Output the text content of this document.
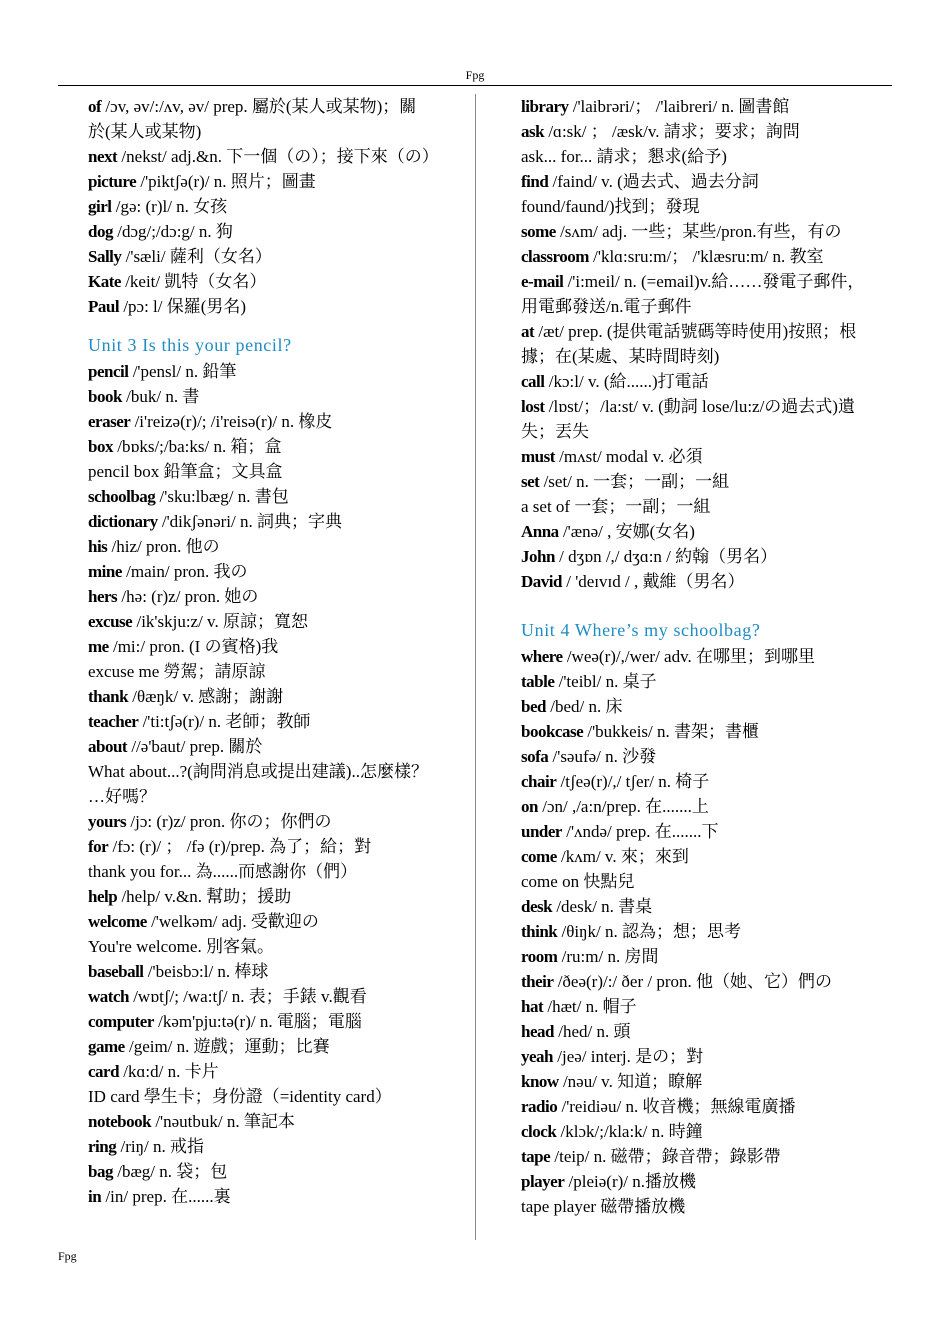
Fpg
of /ɔv, əv/:/ʌv, əv/ prep. 屬於(某人或某物)；關
於(某人或某物)
next /nekst/ adj.&n. 下一個（の）；接下來（の）
picture /'piktʃə(r)/ n. 照片；圖畫
girl /gə: (r)l/ n. 女孩
dog /dɔg/;/dɔ:g/ n. 狗
Sally /'sæli/ 薩利（女名）
Kate /keit/ 凱特（女名）
Paul /pɔ: l/ 保羅(男名)
Unit 3 Is this your pencil?
pencil /'pensl/ n. 鉛筆
book /buk/ n. 書
eraser /i'reizə(r)/; /i'reisə(r)/ n. 橡皮
box /bɒks/;/ba:ks/ n. 箱；盒
pencil box 鉛筆盒；文具盒
schoolbag /'sku:lbæg/ n. 書包
dictionary /'dikʃənəri/ n. 詞典；字典
his /hiz/ pron. 他の
mine /main/ pron. 我の
hers /hə: (r)z/ pron. 她の
excuse /ik'skju:z/ v. 原諒；寬恕
me /mi:/ pron. (I の賓格)我
excuse me 勞駕；請原諒
thank /θæŋk/ v. 感謝；謝謝
teacher /'ti:tʃə(r)/ n. 老師；教師
about //ə'baut/ prep. 關於
What about...?(詢問消息或提出建議)..怎麼樣？
…好嗎？
yours /jɔ: (r)z/ pron. 你の；你們の
for /fɔ: (r)/ ； /fə (r)/prep. 為了；給；對
thank you for... 為......而感謝你（們）
help /help/ v.&n. 幫助；援助
welcome /'welkəm/ adj. 受歡迎の
You're welcome. 別客氣。
baseball /'beisbɔ:l/ n. 棒球
watch /wɒtʃ/; /wa:tʃ/ n. 表；手錶 v.觀看
computer /kəm'pju:tə(r)/ n. 電腦；電腦
game /geim/ n. 遊戲；運動；比賽
card /kɑ:d/ n. 卡片
ID card 學生卡；身份證（=identity card）
notebook /'nəutbuk/ n. 筆記本
ring /riŋ/ n. 戒指
bag /bæg/ n. 袋；包
in /in/ prep. 在......裏
library /'laibrəri/； /'laibreri/ n. 圖書館
ask /ɑ:sk/ ； /æsk/v. 請求；要求；詢問
ask... for... 請求；懇求(給予)
find /faind/ v. (過去式、過去分詞
found/faund/)找到；發現
some /sʌm/ adj. 一些；某些/pron.有些，有の
classroom /'klɑ:sru:m/； /'klæsru:m/ n. 教室
e-mail /'i:meil/ n. (=email)v.給……發電子郵件，
用電郵發送/n.電子郵件
at /æt/ prep. (提供電話號碼等時使用)按照；根
據；在(某處、某時間時刻)
call /kɔ:l/ v. (給......)打電話
lost /lɒst/；/la:st/ v. (動詞 lose/lu:z/の過去式)遺
失；丟失
must /mʌst/ modal v. 必須
set /set/ n. 一套；一副；一組
a set of 一套；一副；一組
Anna /'ænə/ , 安娜(女名)
John / dʒɒn /,/ dʒɑ:n / 約翰（男名）
David / 'deɪvɪd / , 戴維（男名）
Unit 4 Where’s my schoolbag?
where /weə(r)/,/wer/ adv. 在哪里；到哪里
table /'teibl/ n. 桌子
bed /bed/ n. 床
bookcase /'bukkeis/ n. 書架；書櫃
sofa /'səufə/ n. 沙發
chair /tʃeə(r)/,/ tʃer/ n. 椅子
on /ɔn/ ,/a:n/prep. 在.......上
under /'ʌndə/ prep. 在.......下
come /kʌm/ v. 來；來到
come on 快點兒
desk /desk/ n. 書桌
think /θiŋk/ n. 認為；想；思考
room /ru:m/ n. 房間
their /ðeə(r)/:/ ðer / pron. 他（她、它）們の
hat /hæt/ n. 帽子
head /hed/ n. 頭
yeah /jeə/ interj. 是の；對
know /nəu/ v. 知道；瞭解
radio /'reidiəu/ n. 收音機；無線電廣播
clock /klɔk/;/kla:k/ n. 時鐘
tape /teip/ n. 磁帶；錄音帶；錄影帶
player /pleiə(r)/ n.播放機
tape player 磁帶播放機
Fpg
